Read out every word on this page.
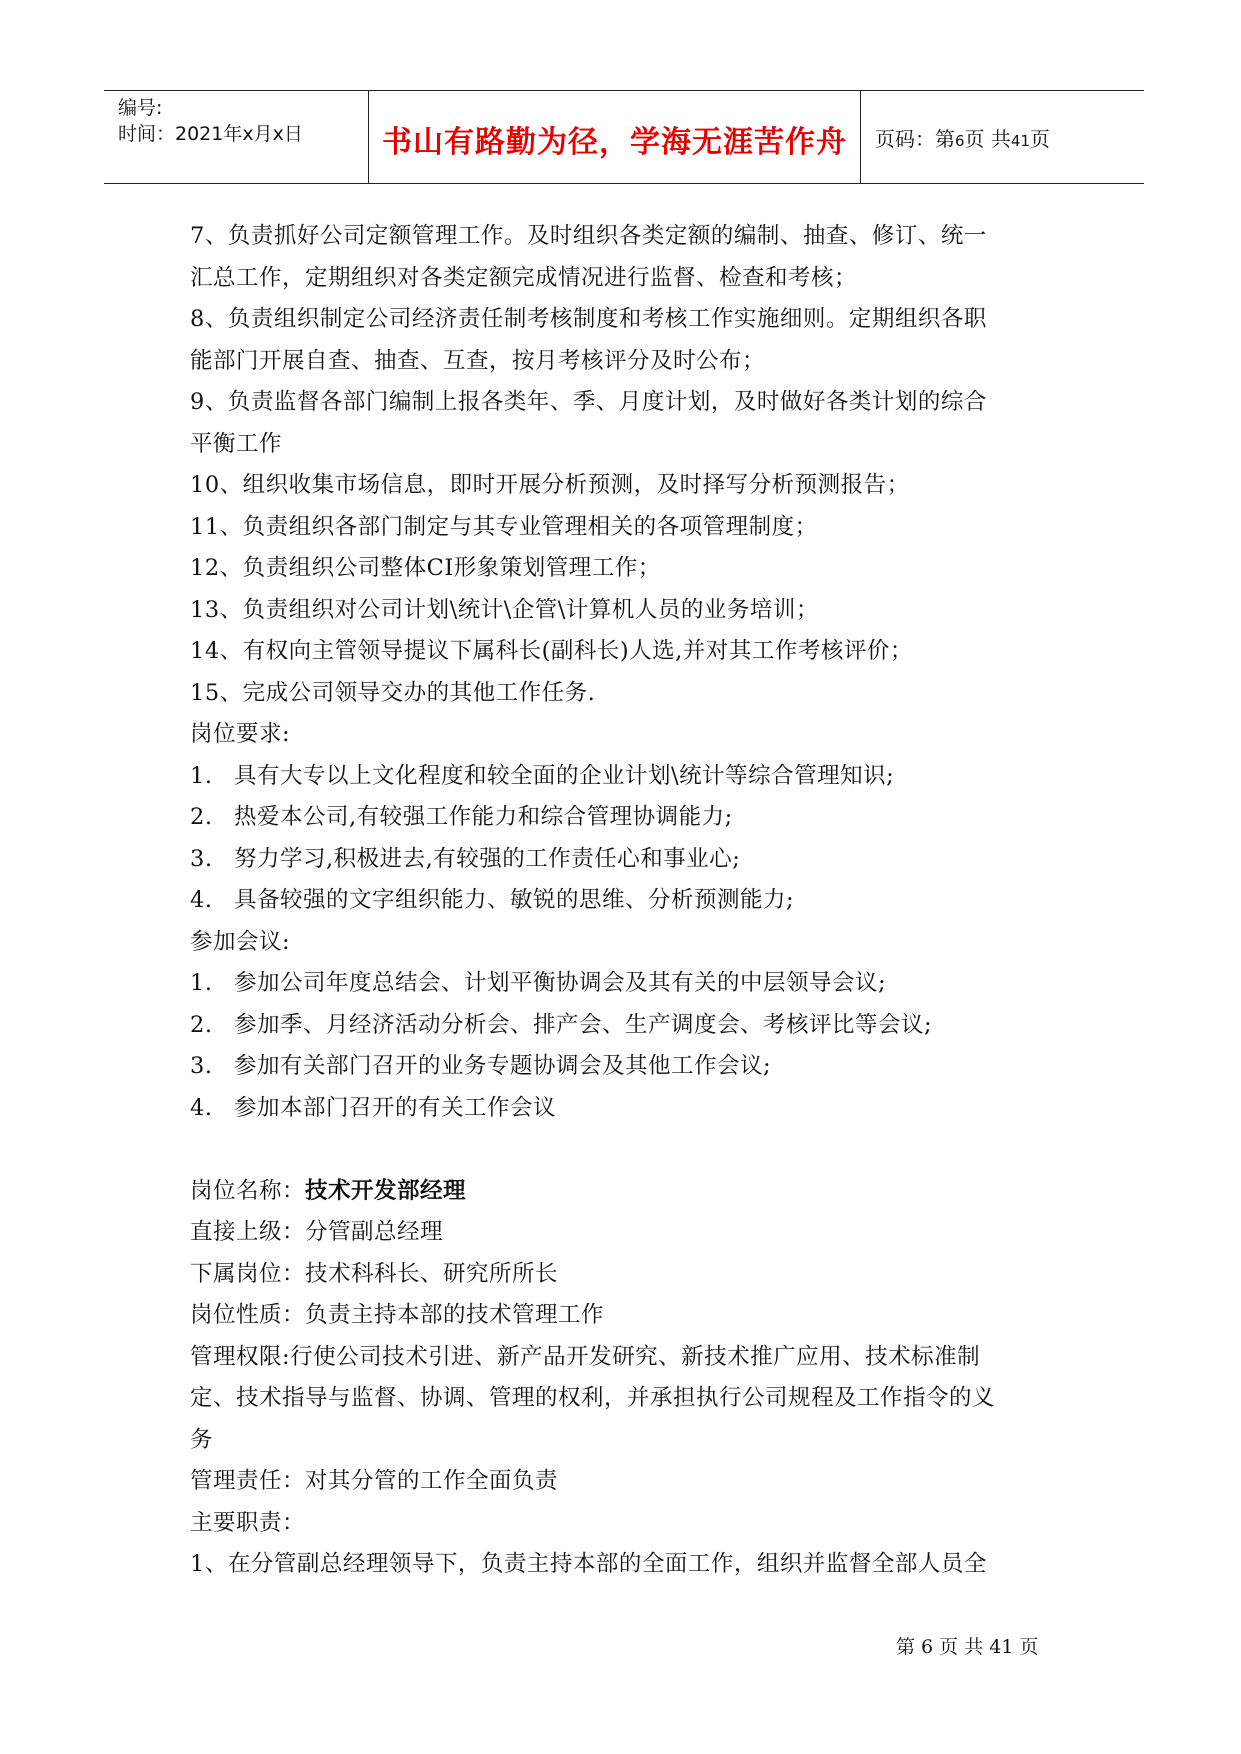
编号:
时间：2021年x月x日	书山有路勤为径，学海无涯苦作舟	页码：第6页 共41页
7、负责抓好公司定额管理工作。及时组织各类定额的编制、抽查、修订、统一
汇总工作，定期组织对各类定额完成情况进行监督、检查和考核；
8、负责组织制定公司经济责任制考核制度和考核工作实施细则。定期组织各职
能部门开展自查、抽查、互查，按月考核评分及时公布；
9、负责监督各部门编制上报各类年、季、月度计划，及时做好各类计划的综合
平衡工作
10、组织收集市场信息，即时开展分析预测，及时择写分析预测报告；
11、负责组织各部门制定与其专业管理相关的各项管理制度；
12、负责组织公司整体CI形象策划管理工作；
13、负责组织对公司计划\统计\企管\计算机人员的业务培训；
14、有权向主管领导提议下属科长(副科长)人选,并对其工作考核评价；
15、完成公司领导交办的其他工作任务.
岗位要求:
1. 具有大专以上文化程度和较全面的企业计划\统计等综合管理知识;
2. 热爱本公司,有较强工作能力和综合管理协调能力;
3. 努力学习,积极进去,有较强的工作责任心和事业心;
4. 具备较强的文字组织能力、敏锐的思维、分析预测能力;
参加会议:
1. 参加公司年度总结会、计划平衡协调会及其有关的中层领导会议;
2. 参加季、月经济活动分析会、排产会、生产调度会、考核评比等会议;
3. 参加有关部门召开的业务专题协调会及其他工作会议;
4. 参加本部门召开的有关工作会议
岗位名称：技术开发部经理
直接上级：分管副总经理
下属岗位：技术科科长、研究所所长
岗位性质：负责主持本部的技术管理工作
管理权限:行使公司技术引进、新产品开发研究、新技术推广应用、技术标准制
定、技术指导与监督、协调、管理的权利，并承担执行公司规程及工作指令的义
务
管理责任：对其分管的工作全面负责
主要职责：
1、在分管副总经理领导下，负责主持本部的全面工作，组织并监督全部人员全
第 6 页 共 41 页
